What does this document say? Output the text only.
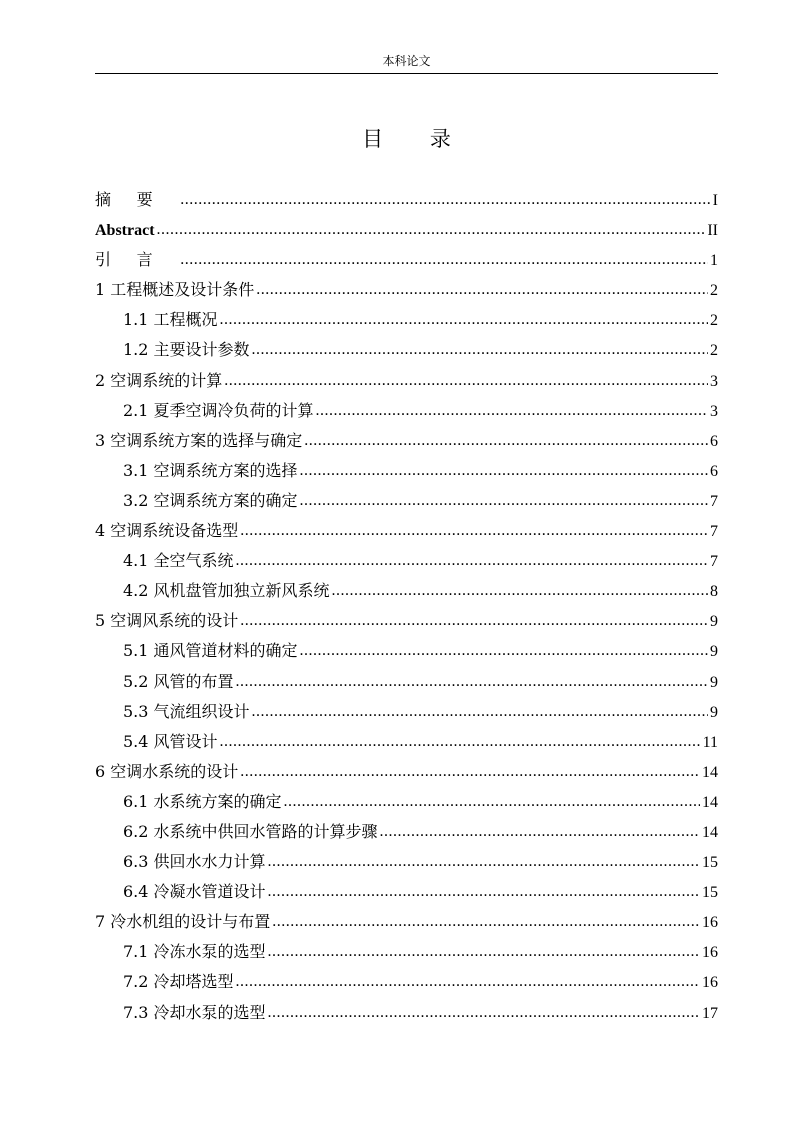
本科论文
目 录
摘要 .....	I
Abstract .....	II
引言 .....	1
1 工程概述及设计条件 .....	2
1.1 工程概况 .....	2
1.2 主要设计参数 .....	2
2 空调系统的计算 .....	3
2.1 夏季空调冷负荷的计算 .....	3
3 空调系统方案的选择与确定 .....	6
3.1 空调系统方案的选择 .....	6
3.2 空调系统方案的确定 .....	7
4 空调系统设备选型 .....	7
4.1 全空气系统 .....	7
4.2 风机盘管加独立新风系统 .....	8
5 空调风系统的设计 .....	9
5.1 通风管道材料的确定 .....	9
5.2 风管的布置 .....	9
5.3 气流组织设计 .....	9
5.4 风管设计 .....	11
6 空调水系统的设计 .....	14
6.1 水系统方案的确定 .....	14
6.2 水系统中供回水管路的计算步骤 .....	14
6.3 供回水水力计算 .....	15
6.4 冷凝水管道设计 .....	15
7 冷水机组的设计与布置 .....	16
7.1 冷冻水泵的选型 .....	16
7.2 冷却塔选型 .....	16
7.3 冷却水泵的选型 .....	17
